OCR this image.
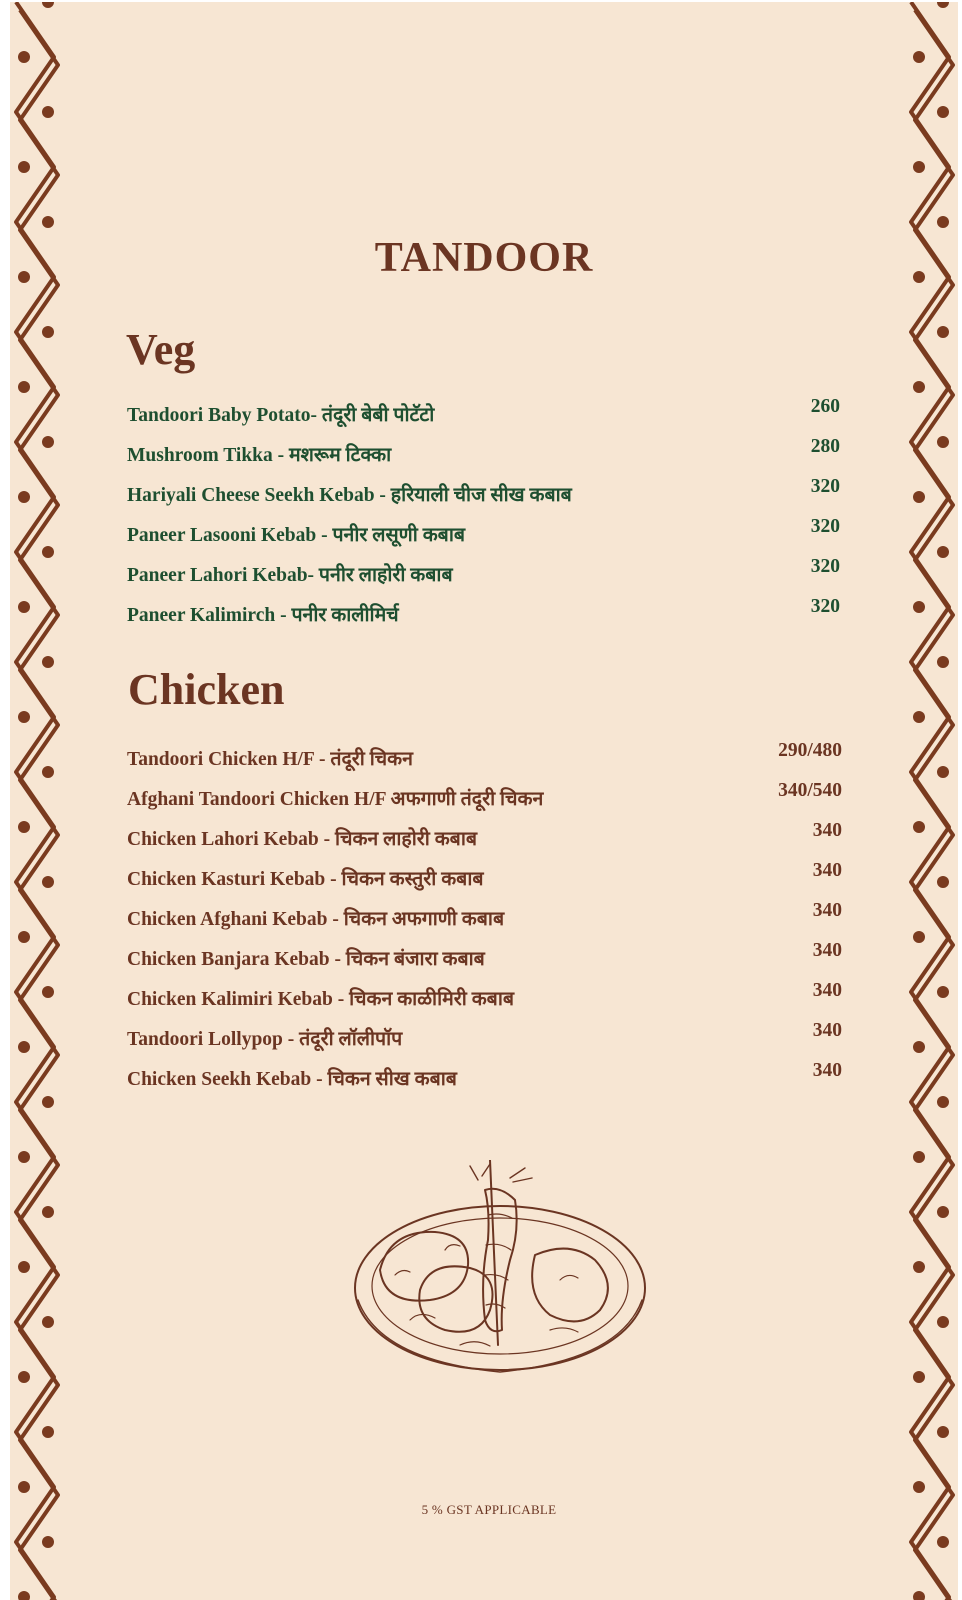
TANDOOR
Veg
Tandoori Baby Potato- तंदूरी बेबी पोटॅटो	260
Mushroom Tikka - मशरूम टिक्का	280
Hariyali Cheese Seekh Kebab - हरियाली चीज सीख कबाब	320
Paneer Lasooni Kebab - पनीर लसूणी कबाब	320
Paneer Lahori Kebab- पनीर लाहोरी कबाब	320
Paneer Kalimirch - पनीर कालीमिर्च	320
Chicken
Tandoori Chicken H/F - तंदूरी चिकन	290/480
Afghani Tandoori Chicken H/F अफगाणी तंदूरी चिकन	340/540
Chicken Lahori Kebab - चिकन लाहोरी कबाब	340
Chicken Kasturi Kebab - चिकन कस्तुरी कबाब	340
Chicken Afghani Kebab - चिकन अफगाणी कबाब	340
Chicken Banjara Kebab - चिकन बंजारा कबाब	340
Chicken Kalimiri Kebab - चिकन काळीमिरी कबाब	340
Tandoori Lollypop - तंदूरी लॉलीपॉप	340
Chicken Seekh Kebab - चिकन सीख कबाब	340
5 % GST APPLICABLE
